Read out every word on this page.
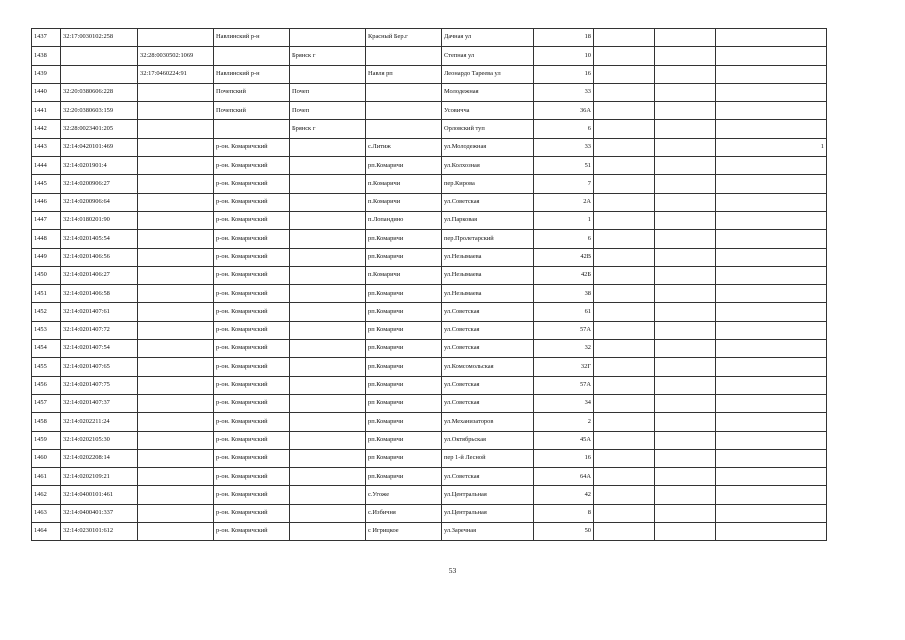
1437	32:17:0030102:258		Навлинский р-н		Красный Бер.г	Дачная ул	18			
1438		32:28:0030502:1069		Брянск г		Степная ул	10			
1439		32:17:0460224:91	Навлинский р-н		Навля рп	Леонардо Тареева ул	16			
1440	32:20:0380606:228		Почепский	Почеп		Молодежная	33			
1441	32:20:0380603:159		Почепский	Почеп		Усовичча	36А			
1442	32:28:0023401:205			Брянск г		Орловский туп	6			
1443	32:14:0420101:469		р-он. Комаричский		с.Литиж	ул.Молодежная	33			1
1444	32:14:0201901:4		р-он. Комаричский		рп.Комаричи	ул.Колхозная	51			
1445	32:14:0200906:27		р-он. Комаричский		п.Комаричи	пер.Кирова	7			
1446	32:14:0200906:64		р-он. Комаричский		п.Комаричи	ул.Советская	2А			
1447	32:14:0180201:90		р-он. Комаричский		п.Лопандино	ул.Парковая	1			
1448	32:14:0201405:54		р-он. Комаричский		рп.Комаричи	пер.Пролетарский	6			
1449	32:14:0201406:56		р-он. Комаричский		рп.Комаричи	ул.Незымаева	42В			
1450	32:14:0201406:27		р-он. Комаричский		п.Комаричи	ул.Незымаева	42Б			
1451	32:14:0201406:58		р-он. Комаричский		рп.Комаричи	ул.Незымаева	38			
1452	32:14:0201407:61		р-он. Комаричский		рп.Комаричи	ул.Советская	61			
1453	32:14:0201407:72		р-он. Комаричский		рп Комаричи	ул.Советская	57А			
1454	32:14:0201407:54		р-он. Комаричский		рп.Комаричи	ул.Советская	32			
1455	32:14:0201407:65		р-он. Комаричский		рп.Комаричи	ул.Комсомольская	32Г			
1456	32:14:0201407:75		р-он. Комаричский		рп.Комаричи	ул.Советская	57А			
1457	32:14:0201407:37		р-он. Комаричский		рп Комаричи	ул.Советская	34			
1458	32:14:0202211:24		р-он. Комаричский		рп.Комаричи	ул.Механизаторов	2			
1459	32:14:0202105:30		р-он. Комаричский		рп.Комаричи	ул.Октябрьская	45А			
1460	32:14:0202208:14		р-он. Комаричский		рп Комаричи	пер 1-й Лесной	16			
1461	32:14:0202109:21		р-он. Комаричский		рп.Комаричи	ул.Советская	64А			
1462	32:14:0400101:461		р-он. Комаричский		с.Угоже	ул.Центральная	42			
1463	32:14:0400401:337		р-он. Комаричский		с.Избичня	ул.Центральная	8			
1464	32:14:0230101:612		р-он. Комаричский		с Игрицкое	ул.Заречная	50			
53
